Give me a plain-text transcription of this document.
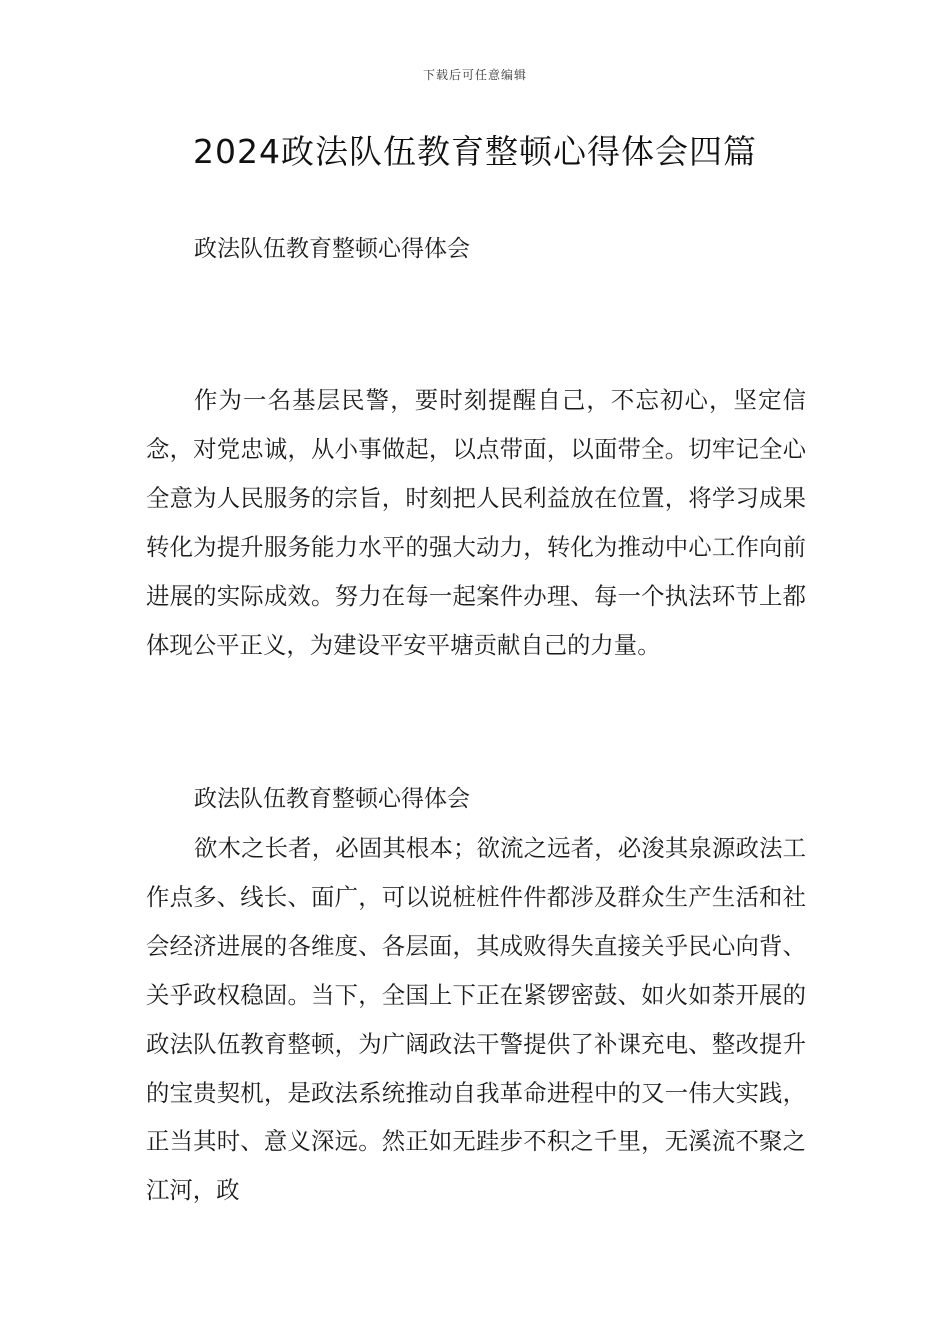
下载后可任意编辑
2024政法队伍教育整顿心得体会四篇
政法队伍教育整顿心得体会

作为一名基层民警，要时刻提醒自己，不忘初心，坚定信念，对党忠诚，从小事做起，以点带面，以面带全。切牢记全心全意为人民服务的宗旨，时刻把人民利益放在位置，将学习成果转化为提升服务能力水平的强大动力，转化为推动中心工作向前进展的实际成效。努力在每一起案件办理、每一个执法环节上都体现公平正义，为建设平安平塘贡献自己的力量。

政法队伍教育整顿心得体会

欲木之长者，必固其根本；欲流之远者，必浚其泉源政法工作点多、线长、面广，可以说桩桩件件都涉及群众生产生活和社会经济进展的各维度、各层面，其成败得失直接关乎民心向背、关乎政权稳固。当下，全国上下正在紧锣密鼓、如火如荼开展的政法队伍教育整顿，为广阔政法干警提供了补课充电、整改提升的宝贵契机，是政法系统推动自我革命进程中的又一伟大实践，正当其时、意义深远。然正如无跬步不积之千里，无溪流不聚之江河，政
